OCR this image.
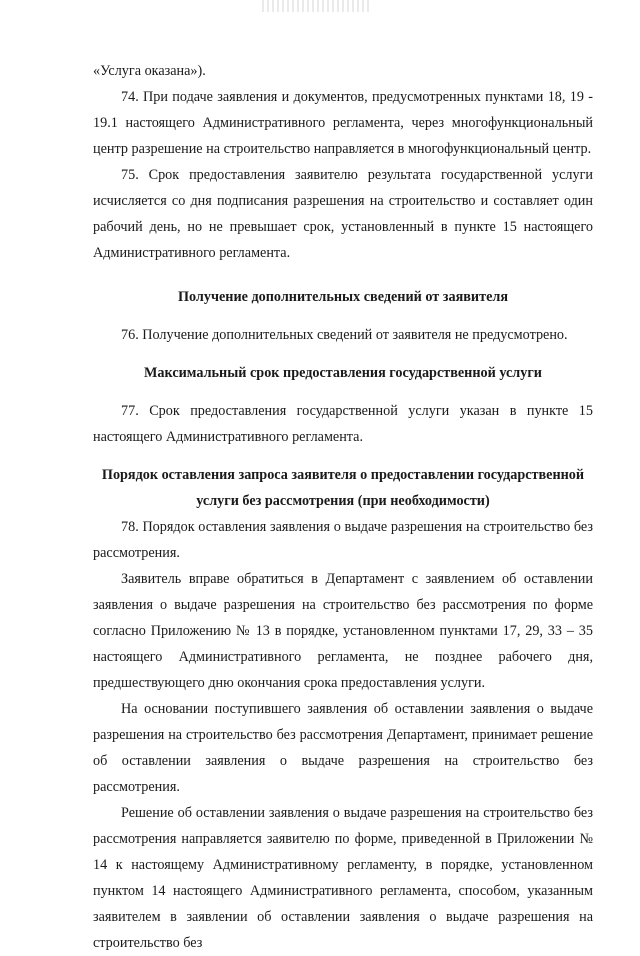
«Услуга оказана»).

74. При подаче заявления и документов, предусмотренных пунктами 18, 19 - 19.1 настоящего Административного регламента, через многофункциональный центр разрешение на строительство направляется в многофункциональный центр.

75. Срок предоставления заявителю результата государственной услуги исчисляется со дня подписания разрешения на строительство и составляет один рабочий день, но не превышает срок, установленный в пункте 15 настоящего Административного регламента.

Получение дополнительных сведений от заявителя

76. Получение дополнительных сведений от заявителя не предусмотрено.

Максимальный срок предоставления государственной услуги

77. Срок предоставления государственной услуги указан в пункте 15 настоящего Административного регламента.

Порядок оставления запроса заявителя о предоставлении государственной услуги без рассмотрения (при необходимости)

78. Порядок оставления заявления о выдаче разрешения на строительство без рассмотрения.

Заявитель вправе обратиться в Департамент с заявлением об оставлении заявления о выдаче разрешения на строительство без рассмотрения по форме согласно Приложению № 13 в порядке, установленном пунктами 17, 29, 33 – 35 настоящего Административного регламента, не позднее рабочего дня, предшествующего дню окончания срока предоставления услуги.

На основании поступившего заявления об оставлении заявления о выдаче разрешения на строительство без рассмотрения Департамент, принимает решение об оставлении заявления о выдаче разрешения на строительство без рассмотрения.

Решение об оставлении заявления о выдаче разрешения на строительство без рассмотрения направляется заявителю по форме, приведенной в Приложении № 14 к настоящему Административному регламенту, в порядке, установленном пунктом 14 настоящего Административного регламента, способом, указанным заявителем в заявлении об оставлении заявления о выдаче разрешения на строительство без
